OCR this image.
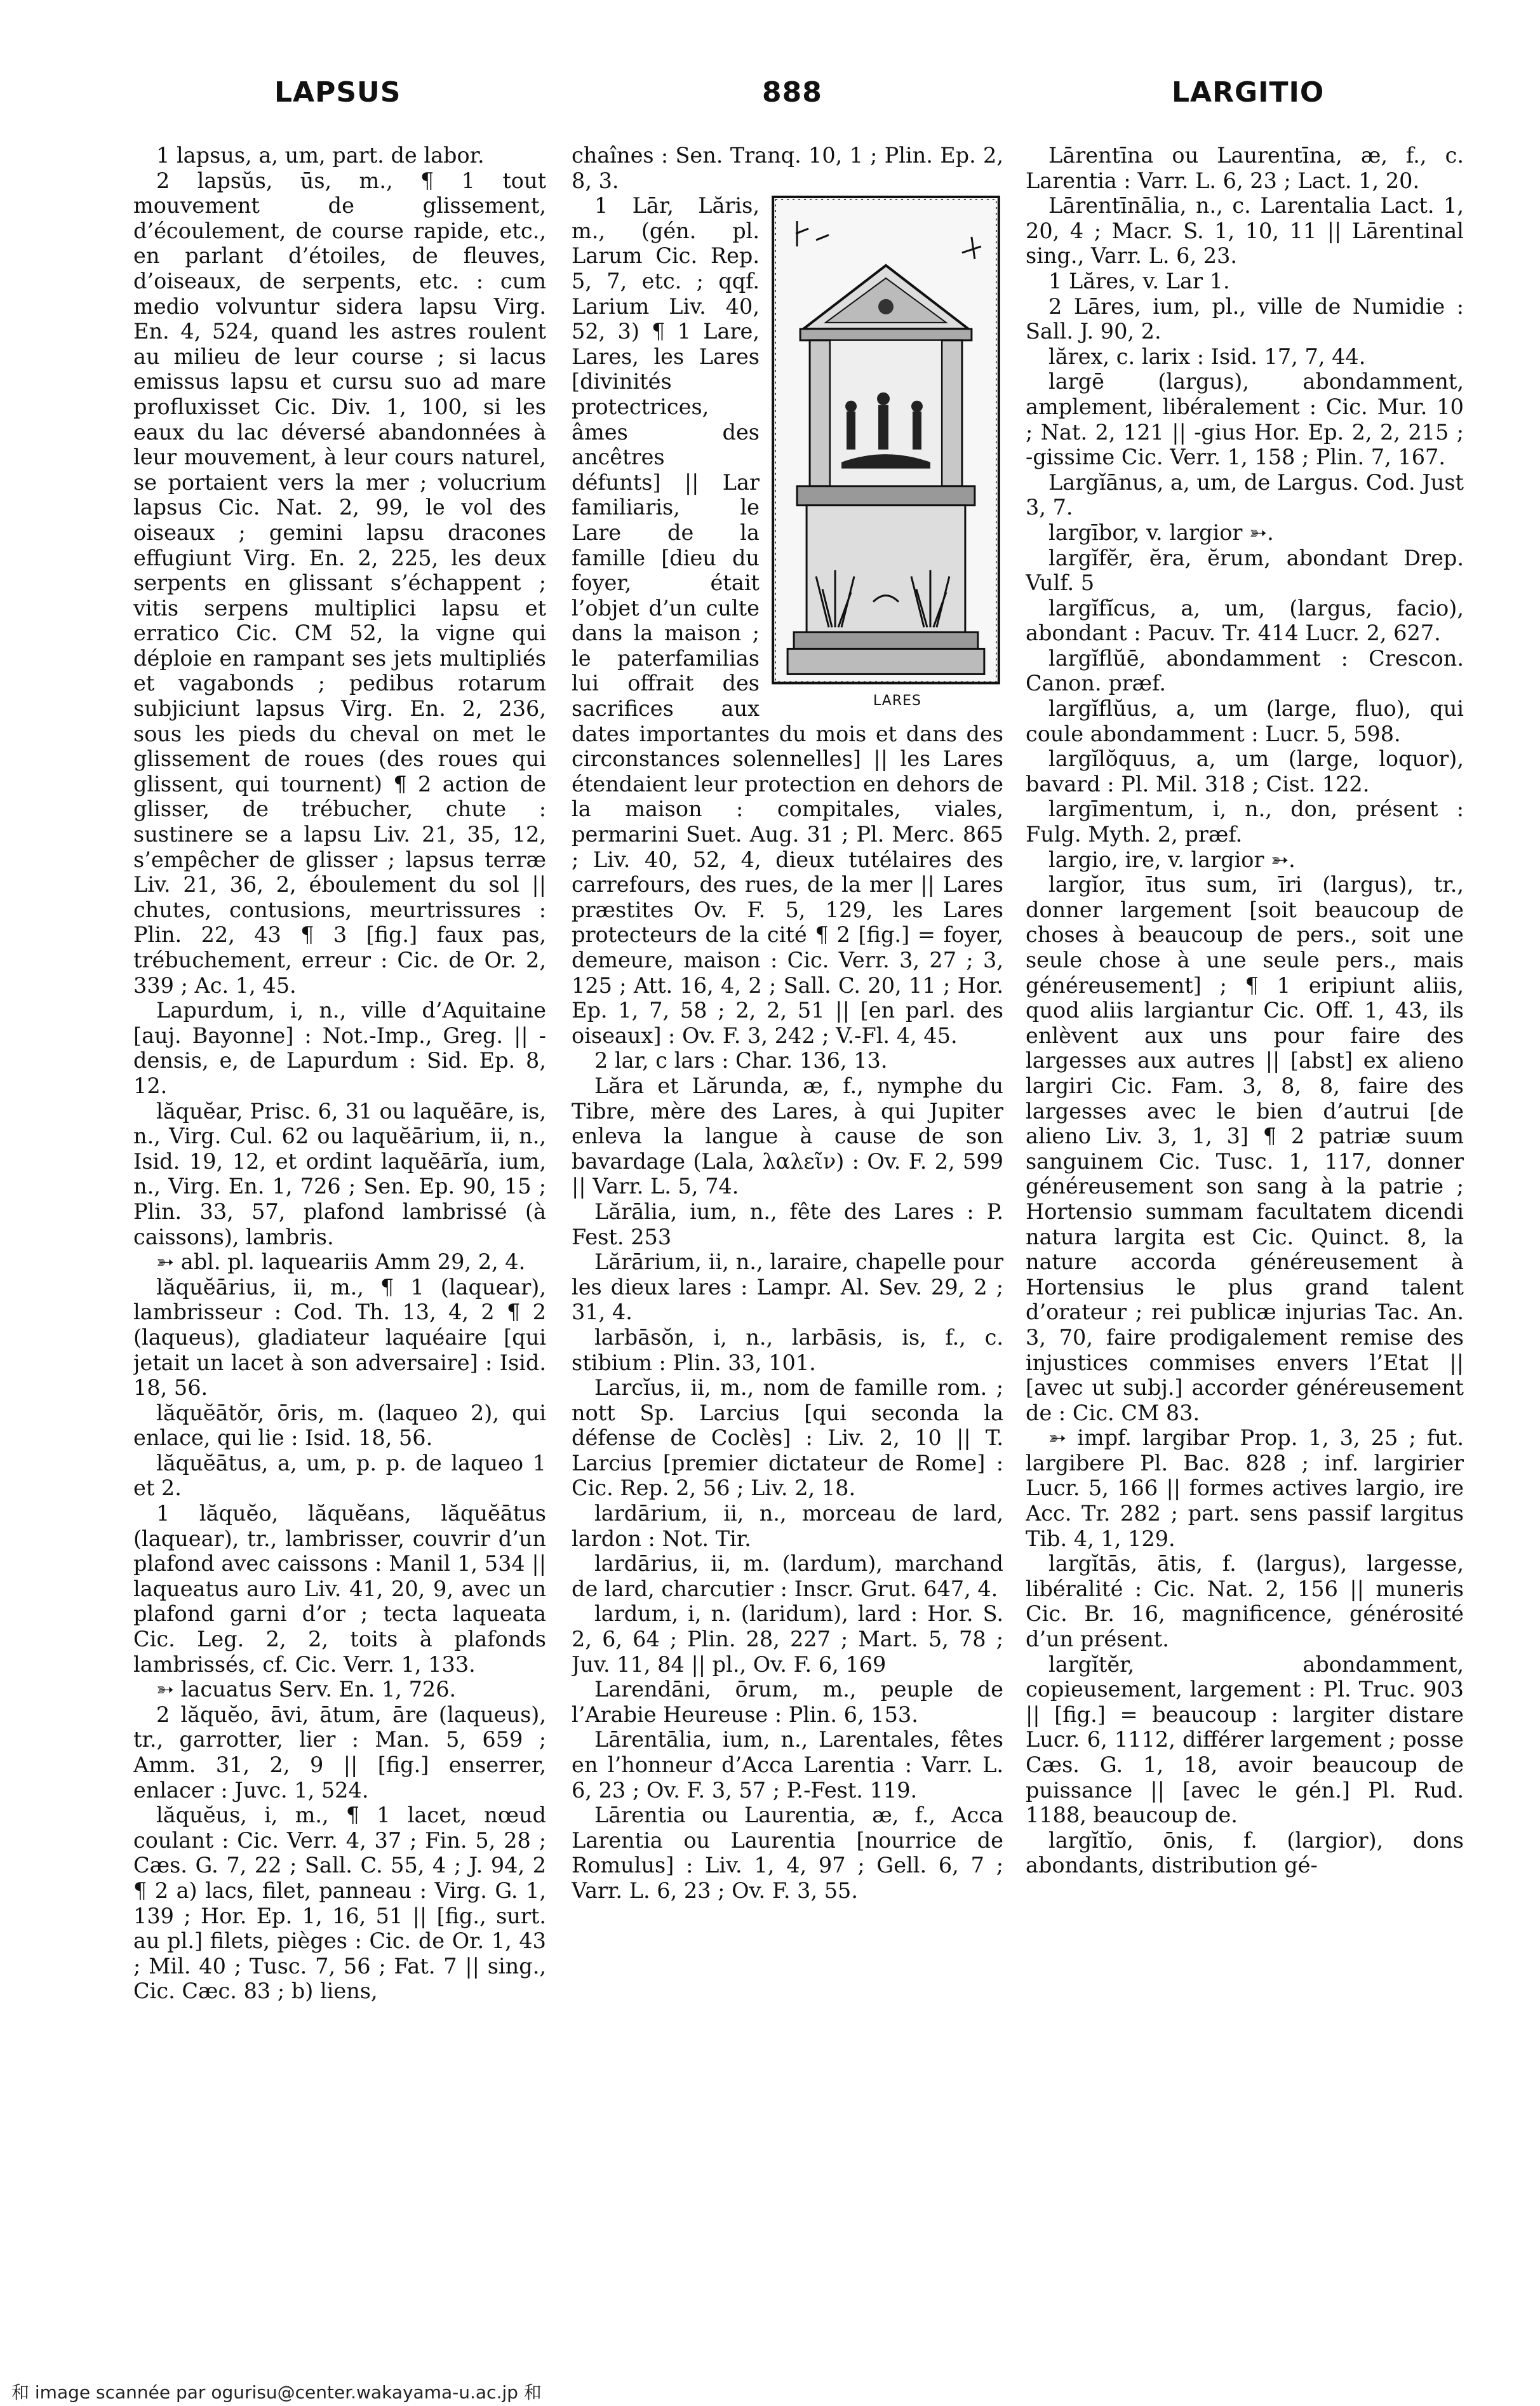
LAPSUS	888	LARGITIO

1 lapsus, a, um, part. de labor.

2 lapsŭs, ūs, m., ¶ 1 tout mouvement de glissement, d’écoulement, de course rapide, etc., en parlant d’étoiles, de fleuves, d’oiseaux, de serpents, etc. : cum medio volvuntur sidera lapsu Virg. En. 4, 524, quand les astres roulent au milieu de leur course ; si lacus emissus lapsu et cursu suo ad mare profluxisset Cic. Div. 1, 100, si les eaux du lac déversé abandonnées à leur mouvement, à leur cours naturel, se portaient vers la mer ; volucrium lapsus Cic. Nat. 2, 99, le vol des oiseaux ; gemini lapsu dracones effugiunt Virg. En. 2, 225, les deux serpents en glissant s’échappent ; vitis serpens multiplici lapsu et erratico Cic. CM 52, la vigne qui déploie en rampant ses jets multipliés et vagabonds ; pedibus rotarum subjiciunt lapsus Virg. En. 2, 236, sous les pieds du cheval on met le glissement de roues (des roues qui glissent, qui tournent) ¶ 2 action de glisser, de trébucher, chute : sustinere se a lapsu Liv. 21, 35, 12, s’empêcher de glisser ; lapsus terræ Liv. 21, 36, 2, éboulement du sol || chutes, contusions, meurtrissures : Plin. 22, 43 ¶ 3 [fig.] faux pas, trébuchement, erreur : Cic. de Or. 2, 339 ; Ac. 1, 45.

Lapurdum, i, n., ville d’Aquitaine [auj. Bayonne] : Not.-Imp., Greg. || -densis, e, de Lapurdum : Sid. Ep. 8, 12.

lăquĕar, Prisc. 6, 31 ou laquĕāre, is, n., Virg. Cul. 62 ou laquĕārium, ii, n., Isid. 19, 12, et ordint laquĕārĭa, ium, n., Virg. En. 1, 726 ; Sen. Ep. 90, 15 ; Plin. 33, 57, plafond lambrissé (à caissons), lambris.

➳ abl. pl. laqueariis Amm 29, 2, 4.

lăquĕārius, ii, m., ¶ 1 (laquear), lambrisseur : Cod. Th. 13, 4, 2 ¶ 2 (laqueus), gladiateur laquéaire [qui jetait un lacet à son adversaire] : Isid. 18, 56.

lăquĕātŏr, ōris, m. (laqueo 2), qui enlace, qui lie : Isid. 18, 56.

lăquĕātus, a, um, p. p. de laqueo 1 et 2.

1 lăquĕo, lăquĕans, lăquĕātus (laquear), tr., lambrisser, couvrir d’un plafond avec caissons : Manil 1, 534 || laqueatus auro Liv. 41, 20, 9, avec un plafond garni d’or ; tecta laqueata Cic. Leg. 2, 2, toits à plafonds lambrissés, cf. Cic. Verr. 1, 133.

➳ lacuatus Serv. En. 1, 726.

2 lăquĕo, āvi, ātum, āre (laqueus), tr., garrotter, lier : Man. 5, 659 ; Amm. 31, 2, 9 || [fig.] enserrer, enlacer : Juvc. 1, 524.

lăquĕus, i, m., ¶ 1 lacet, nœud coulant : Cic. Verr. 4, 37 ; Fin. 5, 28 ; Cæs. G. 7, 22 ; Sall. C. 55, 4 ; J. 94, 2 ¶ 2 a) lacs, filet, panneau : Virg. G. 1, 139 ; Hor. Ep. 1, 16, 51 || [fig., surt. au pl.] filets, pièges : Cic. de Or. 1, 43 ; Mil. 40 ; Tusc. 7, 56 ; Fat. 7 || sing., Cic. Cæc. 83 ; b) liens,

chaînes : Sen. Tranq. 10, 1 ; Plin. Ep. 2, 8, 3.

LARES
1 Lār, Lăris, m., (gén. pl. Larum Cic. Rep. 5, 7, etc. ; qqf. Larium Liv. 40, 52, 3) ¶ 1 Lare, Lares, les Lares [divinités protectrices, âmes des ancêtres défunts] || Lar familiaris, le Lare de la famille [dieu du foyer, était l’objet d’un culte dans la maison ; le paterfamilias lui offrait des sacrifices aux dates importantes du mois et dans des circonstances solennelles] || les Lares étendaient leur protection en dehors de la maison : compitales, viales, permarini Suet. Aug. 31 ; Pl. Merc. 865 ; Liv. 40, 52, 4, dieux tutélaires des carrefours, des rues, de la mer || Lares præstites Ov. F. 5, 129, les Lares protecteurs de la cité ¶ 2 [fig.] = foyer, demeure, maison : Cic. Verr. 3, 27 ; 3, 125 ; Att. 16, 4, 2 ; Sall. C. 20, 11 ; Hor. Ep. 1, 7, 58 ; 2, 2, 51 || [en parl. des oiseaux] : Ov. F. 3, 242 ; V.-Fl. 4, 45.

2 lar, c lars : Char. 136, 13.

Lăra et Lărunda, æ, f., nymphe du Tibre, mère des Lares, à qui Jupiter enleva la langue à cause de son bavardage (Lala, λαλεῖν) : Ov. F. 2, 599 || Varr. L. 5, 74.

Lărālia, ium, n., fête des Lares : P. Fest. 253

Lărārium, ii, n., laraire, chapelle pour les dieux lares : Lampr. Al. Sev. 29, 2 ; 31, 4.

larbāsŏn, i, n., larbāsis, is, f., c. stibium : Plin. 33, 101.

Larcĭus, ii, m., nom de famille rom. ; nott Sp. Larcius [qui seconda la défense de Coclès] : Liv. 2, 10 || T. Larcius [premier dictateur de Rome] : Cic. Rep. 2, 56 ; Liv. 2, 18.

lardārium, ii, n., morceau de lard, lardon : Not. Tir.

lardārius, ii, m. (lardum), marchand de lard, charcutier : Inscr. Grut. 647, 4.

lardum, i, n. (laridum), lard : Hor. S. 2, 6, 64 ; Plin. 28, 227 ; Mart. 5, 78 ; Juv. 11, 84 || pl., Ov. F. 6, 169

Larendāni, ōrum, m., peuple de l’Arabie Heureuse : Plin. 6, 153.

Lārentālia, ium, n., Larentales, fêtes en l’honneur d’Acca Larentia : Varr. L. 6, 23 ; Ov. F. 3, 57 ; P.-Fest. 119.

Lārentia ou Laurentia, æ, f., Acca Larentia ou Laurentia [nourrice de Romulus] : Liv. 1, 4, 97 ; Gell. 6, 7 ; Varr. L. 6, 23 ; Ov. F. 3, 55.

Lārentīna ou Laurentīna, æ, f., c. Larentia : Varr. L. 6, 23 ; Lact. 1, 20.

Lārentīnālia, n., c. Larentalia Lact. 1, 20, 4 ; Macr. S. 1, 10, 11 || Lārentinal sing., Varr. L. 6, 23.

1 Lăres, v. Lar 1.

2 Lāres, ium, pl., ville de Numidie : Sall. J. 90, 2.

lărex, c. larix : Isid. 17, 7, 44.

largē (largus), abondamment, amplement, libéralement : Cic. Mur. 10 ; Nat. 2, 121 || -gius Hor. Ep. 2, 2, 215 ; -gissime Cic. Verr. 1, 158 ; Plin. 7, 167.

Largĭānus, a, um, de Largus. Cod. Just 3, 7.

largībor, v. largior ➳.

largĭfĕr, ĕra, ĕrum, abondant Drep. Vulf. 5

largĭfĭcus, a, um, (largus, facio), abondant : Pacuv. Tr. 414 Lucr. 2, 627.

largĭflŭē, abondamment : Crescon. Canon. præf.

largĭflŭus, a, um (large, fluo), qui coule abondamment : Lucr. 5, 598.

largĭlŏquus, a, um (large, loquor), bavard : Pl. Mil. 318 ; Cist. 122.

largīmentum, i, n., don, présent : Fulg. Myth. 2, præf.

largio, ire, v. largior ➳.

largĭor, ītus sum, īri (largus), tr., donner largement [soit beaucoup de choses à beaucoup de pers., soit une seule chose à une seule pers., mais généreusement] ; ¶ 1 eripiunt aliis, quod aliis largiantur Cic. Off. 1, 43, ils enlèvent aux uns pour faire des largesses aux autres || [abst] ex alieno largiri Cic. Fam. 3, 8, 8, faire des largesses avec le bien d’autrui [de alieno Liv. 3, 1, 3] ¶ 2 patriæ suum sanguinem Cic. Tusc. 1, 117, donner généreusement son sang à la patrie ; Hortensio summam facultatem dicendi natura largita est Cic. Quinct. 8, la nature accorda généreusement à Hortensius le plus grand talent d’orateur ; rei publicæ injurias Tac. An. 3, 70, faire prodigalement remise des injustices commises envers l’Etat || [avec ut subj.] accorder généreusement de : Cic. CM 83.

➳ impf. largibar Prop. 1, 3, 25 ; fut. largibere Pl. Bac. 828 ; inf. largirier Lucr. 5, 166 || formes actives largio, ire Acc. Tr. 282 ; part. sens passif largitus Tib. 4, 1, 129.

largĭtās, ātis, f. (largus), largesse, libéralité : Cic. Nat. 2, 156 || muneris Cic. Br. 16, magnificence, générosité d’un présent.

largĭtĕr, abondamment, copieusement, largement : Pl. Truc. 903 || [fig.] = beaucoup : largiter distare Lucr. 6, 1112, différer largement ; posse Cæs. G. 1, 18, avoir beaucoup de puissance || [avec le gén.] Pl. Rud. 1188, beaucoup de.

largĭtĭo, ōnis, f. (largior), dons abondants, distribution gé-

和 image scannée par ogurisu@center.wakayama-u.ac.jp 和
